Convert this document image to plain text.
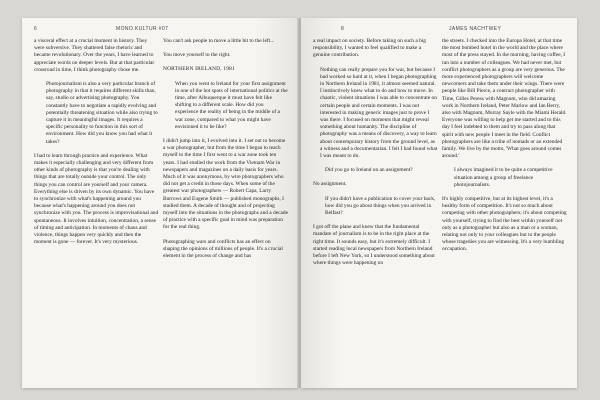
6	MONO.KULTUR #07
a visceral effect at a crucial moment in history. They were subversive. They shattered false rhetoric and became revolutionary. Over the years, I have learned to appreciate words on deeper levels. But at that particular crossroad in time, I think photography chose me.
Photojournalism is also a very particular branch of photography in that it requires different skills than, say, studio or advertising photography. You constantly have to negotiate a rapidly evolving and potentially threatening situation while also trying to capture it in meaningful images. It requires a specific personality to function in this sort of environment. How did you know you had what it takes?
I had to learn through practice and experience. What makes it especially challenging and very different from other kinds of photography is that you're dealing with things that are totally outside your control. The only things you can control are yourself and your camera. Everything else is driven by its own dynamic. You have to synchronize with what's happening around you because what's happening around you does not synchronize with you. The process is improvisational and spontaneous. It involves intuition, concentration, a sense of timing and anticipation. In moments of chaos and violence, things happen very quickly and then the moment is gone — forever. It's very mysterious.
You can't ask people to move a little bit to the left...
You move yourself to the right.
NORTHERN IRELAND, 1981
When you went to Ireland for your first assignment in one of the hot spots of international politics at the time, after Albuquerque it must have felt like shifting to a different scale. How did you experience the reality of being in the middle of a war zone, compared to what you might have envisioned it to be like?
I didn't jump into it, I evolved into it. I set out to become a war photographer, but from the time I began to teach myself to the time I first went to a war zone took ten years. I had studied the work from the Vietnam War in newspapers and magazines on a daily basis for years. Much of it was anonymous, by wire photographers who did not get a credit in those days. When some of the greatest war photographers — Robert Capa, Larry Burrows and Eugene Smith — published monographs, I studied them. A decade of thought and of projecting myself into the situations in the photographs and a decade of practice with a specific goal in mind was preparation for the real thing.
Photographing wars and conflicts has an effect on shaping the opinions of millions of people. It's a crucial element in the process of change and has
8	JAMES NACHTWEY
a real impact on society. Before taking on such a big responsibility, I wanted to feel qualified to make a genuine contribution.
Nothing can really prepare you for war, but because I had worked so hard at it, when I began photographing in Northern Ireland in 1981, it almost seemed natural. I instinctively knew what to do and how to move. In chaotic, violent situations I was able to concentrate on certain people and certain moments. I was not interested in making generic images just to prove I was there. I focused on moments that might reveal something about humanity. The discipline of photography was a means of discovery, a way to learn about contemporary history from the ground level, as a witness and a documentarian. I felt I had found what I was meant to do.
Did you go to Ireland on an assignment?
No assignment.
If you didn't have a publication to cover your back, how did you go about things when you arrived in Belfast?
I got off the plane and knew that the fundamental mandate of journalism is to be in the right place at the right time. It sounds easy, but it's extremely difficult. I started reading local newspapers from Northern Ireland before I left New York, so I understood something about where things were happening on
the streets. I checked into the Europa Hotel, at that time the most bombed hotel in the world and the place where most of the press stayed. In the morning, having coffee, I ran into a number of colleagues. We had never met, but conflict photographers as a group are very generous. The more experienced photographers will welcome newcomers and take them under their wings. There were people like Bill Pierce, a contract photographer with Time, Gilles Peress with Magnum, who did amazing work in Northern Ireland, Peter Marlow and Ian Berry, also with Magnum, Murray Sayle with the Miami Herald. Everyone was willing to help get me started and to this day I feel indebted to them and try to pass along that spirit with new people I meet in the field. Conflict photographers are like a tribe of nomads or an extended family. We live by the motto, 'What goes around comes around.'
I always imagined it to be quite a competitive situation among a group of freelance photojournalists.
It's highly competitive, but at its highest level, it's a healthy form of competition. It's not so much about competing with other photographers; it's about competing with yourself, trying to find the best within yourself not only as a photographer but also as a man or a woman, relating not only to your colleagues but to the people whose tragedies you are witnessing. It's a very humbling occupation.
